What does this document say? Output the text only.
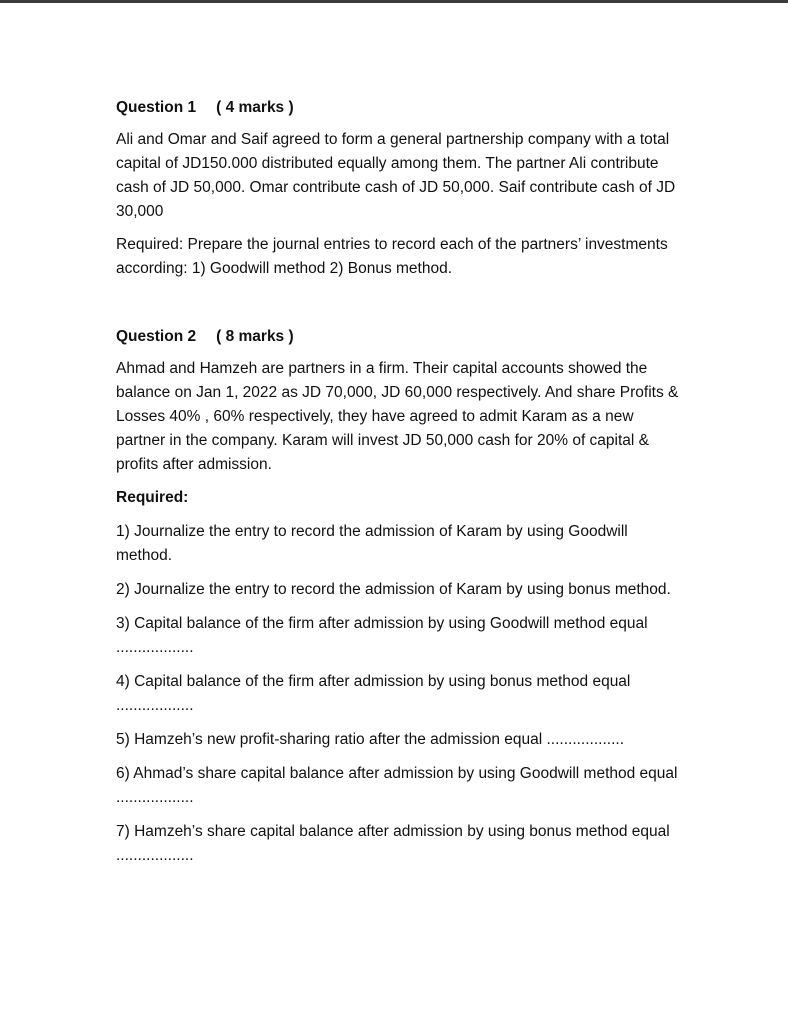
Question 1 ( 4 marks )

Ali and Omar and Saif agreed to form a general partnership company with a total capital of JD150.000 distributed equally among them. The partner Ali contribute cash of JD 50,000. Omar contribute cash of JD 50,000. Saif contribute cash of JD 30,000

Required: Prepare the journal entries to record each of the partners’ investments according: 1) Goodwill method 2) Bonus method.

Question 2 ( 8 marks )

Ahmad and Hamzeh are partners in a firm. Their capital accounts showed the balance on Jan 1, 2022 as JD 70,000, JD 60,000 respectively. And share Profits & Losses 40% , 60% respectively, they have agreed to admit Karam as a new partner in the company. Karam will invest JD 50,000 cash for 20% of capital & profits after admission.

Required:

1) Journalize the entry to record the admission of Karam by using Goodwill method.

2) Journalize the entry to record the admission of Karam by using bonus method.

3) Capital balance of the firm after admission by using Goodwill method equal ..................

4) Capital balance of the firm after admission by using bonus method equal ..................

5) Hamzeh’s new profit-sharing ratio after the admission equal ..................

6) Ahmad’s share capital balance after admission by using Goodwill method equal ..................

7) Hamzeh’s share capital balance after admission by using bonus method equal ..................
